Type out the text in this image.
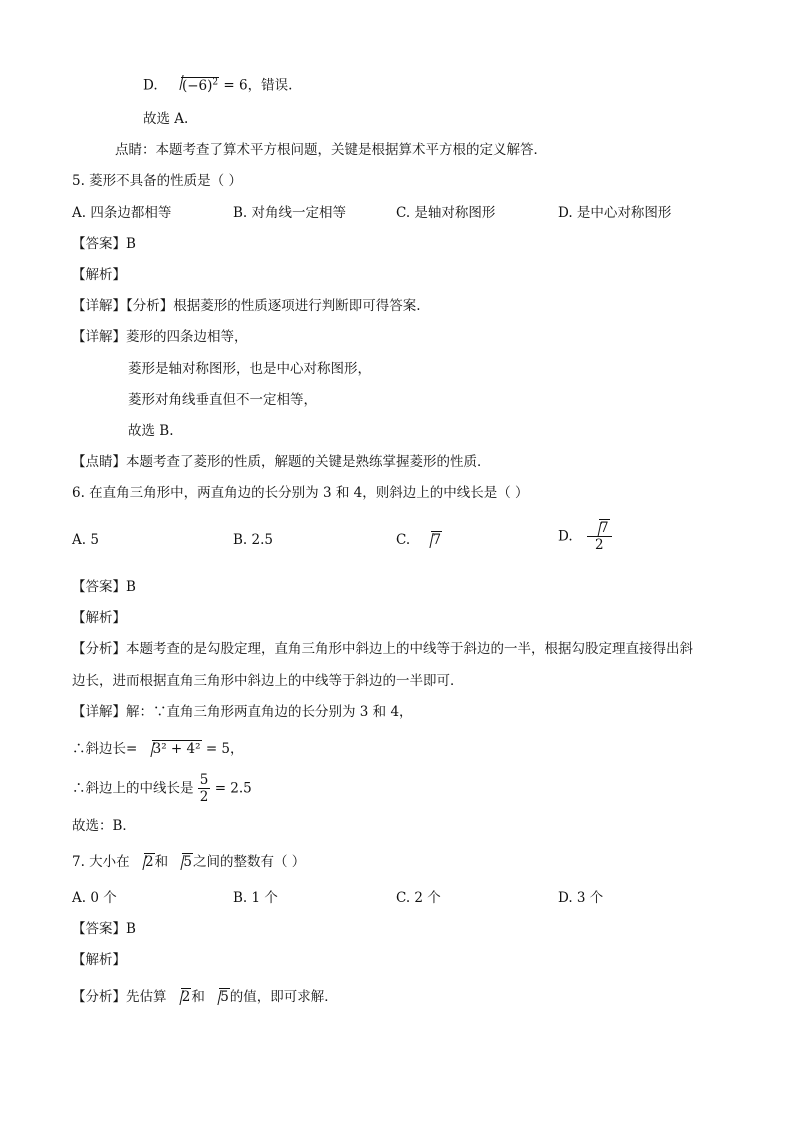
D. $(-6)^2 = 6$，错误.
故选 A.
点睛：本题考查了算术平方根问题，关键是根据算术平方根的定义解答．
5. 菱形不具备的性质是（ ）
A. 四条边都相等	B. 对角线一定相等	C. 是轴对称图形	D. 是中心对称图形
【答案】B
【解析】
【详解】【分析】根据菱形的性质逐项进行判断即可得答案.
【详解】菱形的四条边相等，
菱形是轴对称图形，也是中心对称图形，
菱形对角线垂直但不一定相等，
故选 B.
【点睛】本题考查了菱形的性质，解题的关键是熟练掌握菱形的性质．
6. 在直角三角形中，两直角边的长分别为 3 和 4，则斜边上的中线长是（ ）
A. 5	B. 2.5	C. 7	D. $\frac{7}{2}$
【答案】B
【解析】
【分析】本题考查的是勾股定理，直角三角形中斜边上的中线等于斜边的一半，根据勾股定理直接得出斜
边长，进而根据直角三角形中斜边上的中线等于斜边的一半即可．
【详解】解：∵直角三角形两直角边的长分别为 3 和 4，
∴斜边长= 3² + 4² = 5，
∴斜边上的中线长是 $\frac{5}{2} = 2.5$
故选：B．
7. 大小在 2和 5之间的整数有（ ）
A. 0 个	B. 1 个	C. 2 个	D. 3 个
【答案】B
【解析】
【分析】先估算 2和 5的值，即可求解．
